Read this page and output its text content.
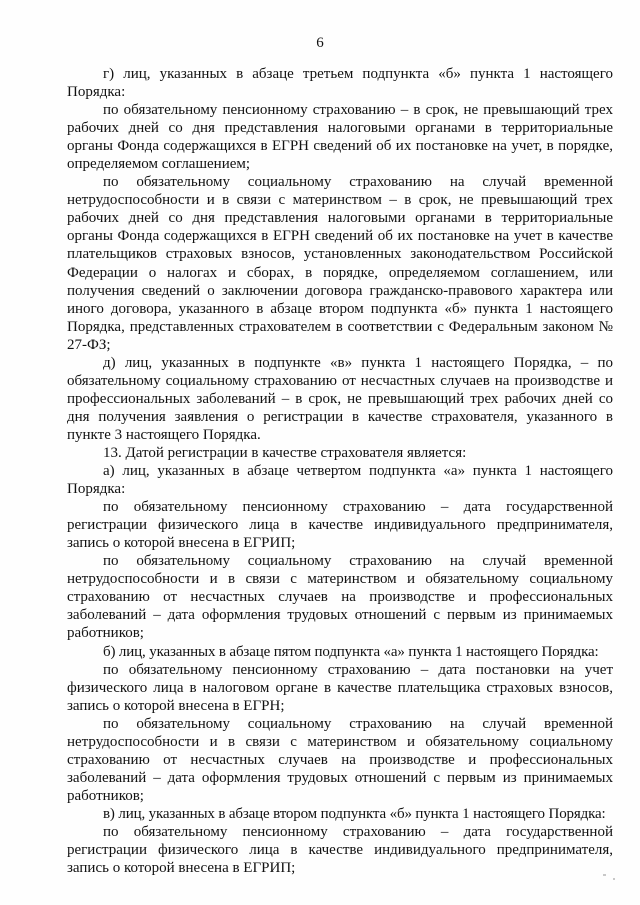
6

г) лиц, указанных в абзаце третьем подпункта «б» пункта 1 настоящего Порядка:

по обязательному пенсионному страхованию – в срок, не превышающий трех рабочих дней со дня представления налоговыми органами в территориальные органы Фонда содержащихся в ЕГРН сведений об их постановке на учет, в порядке, определяемом соглашением;

по обязательному социальному страхованию на случай временной нетрудоспособности и в связи с материнством – в срок, не превышающий трех рабочих дней со дня представления налоговыми органами в территориальные органы Фонда содержащихся в ЕГРН сведений об их постановке на учет в качестве плательщиков страховых взносов, установленных законодательством Российской Федерации о налогах и сборах, в порядке, определяемом соглашением, или получения сведений о заключении договора гражданско-правового характера или иного договора, указанного в абзаце втором подпункта «б» пункта 1 настоящего Порядка, представленных страхователем в соответствии с Федеральным законом № 27-ФЗ;

д) лиц, указанных в подпункте «в» пункта 1 настоящего Порядка, – по обязательному социальному страхованию от несчастных случаев на производстве и профессиональных заболеваний – в срок, не превышающий трех рабочих дней со дня получения заявления о регистрации в качестве страхователя, указанного в пункте 3 настоящего Порядка.

13. Датой регистрации в качестве страхователя является:

а) лиц, указанных в абзаце четвертом подпункта «а» пункта 1 настоящего Порядка:

по обязательному пенсионному страхованию – дата государственной регистрации физического лица в качестве индивидуального предпринимателя, запись о которой внесена в ЕГРИП;

по обязательному социальному страхованию на случай временной нетрудоспособности и в связи с материнством и обязательному социальному страхованию от несчастных случаев на производстве и профессиональных заболеваний – дата оформления трудовых отношений с первым из принимаемых работников;

б) лиц, указанных в абзаце пятом подпункта «а» пункта 1 настоящего Порядка:

по обязательному пенсионному страхованию – дата постановки на учет физического лица в налоговом органе в качестве плательщика страховых взносов, запись о которой внесена в ЕГРН;

по обязательному социальному страхованию на случай временной нетрудоспособности и в связи с материнством и обязательному социальному страхованию от несчастных случаев на производстве и профессиональных заболеваний – дата оформления трудовых отношений с первым из принимаемых работников;

в) лиц, указанных в абзаце втором подпункта «б» пункта 1 настоящего Порядка:

по обязательному пенсионному страхованию – дата государственной регистрации физического лица в качестве индивидуального предпринимателя, запись о которой внесена в ЕГРИП;
